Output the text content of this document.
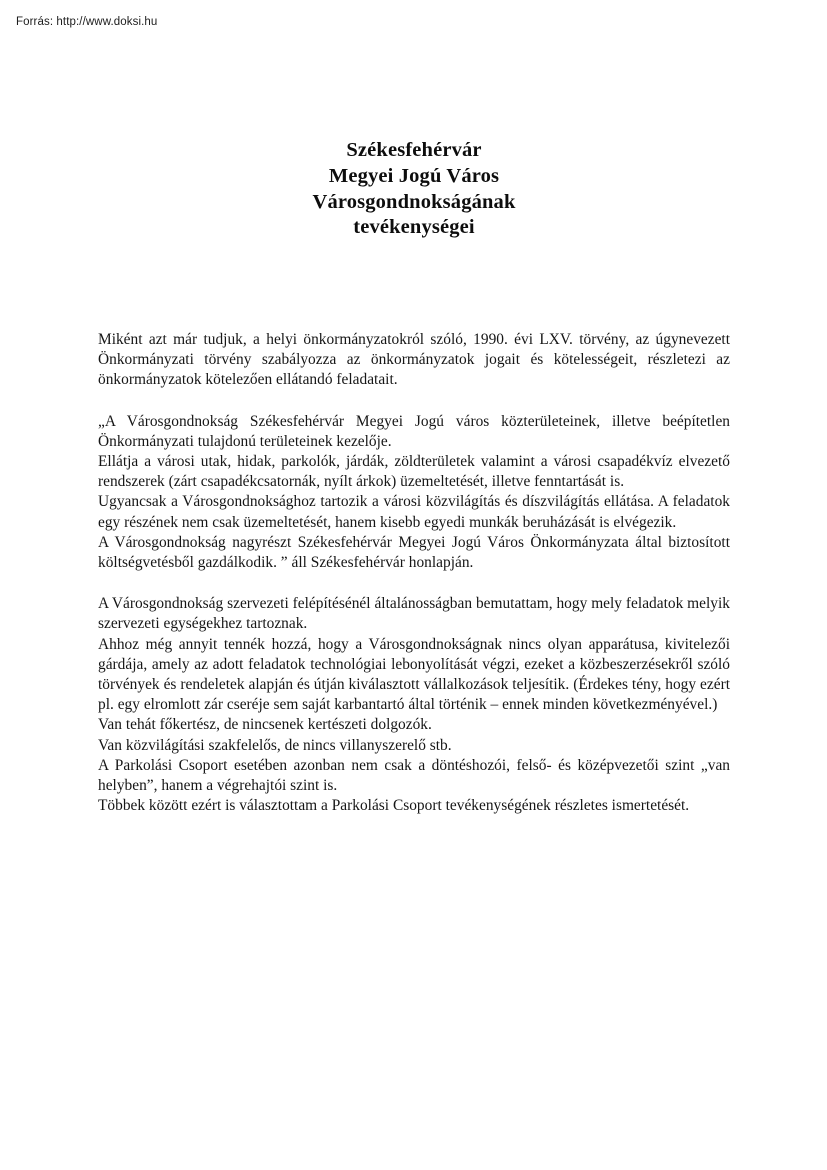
Forrás: http://www.doksi.hu
Székesfehérvár
Megyei Jogú Város
Városgondnokságának
tevékenységei

Miként azt már tudjuk, a helyi önkormányzatokról szóló, 1990. évi LXV. törvény, az úgynevezett Önkormányzati törvény szabályozza az önkormányzatok jogait és kötelességeit, részletezi az önkormányzatok kötelezően ellátandó feladatait.

„A Városgondnokság Székesfehérvár Megyei Jogú város közterületeinek, illetve beépítetlen Önkormányzati tulajdonú területeinek kezelője.

Ellátja a városi utak, hidak, parkolók, járdák, zöldterületek valamint a városi csapadékvíz elvezető rendszerek (zárt csapadékcsatornák, nyílt árkok) üzemeltetését, illetve fenntartását is.

Ugyancsak a Városgondnoksághoz tartozik a városi közvilágítás és díszvilágítás ellátása. A feladatok egy részének nem csak üzemeltetését, hanem kisebb egyedi munkák beruházását is elvégezik.

A Városgondnokság nagyrészt Székesfehérvár Megyei Jogú Város Önkormányzata által biztosított költségvetésből gazdálkodik. ” áll Székesfehérvár honlapján.

A Városgondnokság szervezeti felépítésénél általánosságban bemutattam, hogy mely feladatok melyik szervezeti egységekhez tartoznak.

Ahhoz még annyit tennék hozzá, hogy a Városgondnokságnak nincs olyan apparátusa, kivitelezői gárdája, amely az adott feladatok technológiai lebonyolítását végzi, ezeket a közbeszerzésekről szóló törvények és rendeletek alapján és útján kiválasztott vállalkozások teljesítik. (Érdekes tény, hogy ezért pl. egy elromlott zár cseréje sem saját karbantartó által történik – ennek minden következményével.)

Van tehát főkertész, de nincsenek kertészeti dolgozók.

Van közvilágítási szakfelelős, de nincs villanyszerelő stb.

A Parkolási Csoport esetében azonban nem csak a döntéshozói, felső- és középvezetői szint „van helyben”, hanem a végrehajtói szint is.

Többek között ezért is választottam a Parkolási Csoport tevékenységének részletes ismertetését.
